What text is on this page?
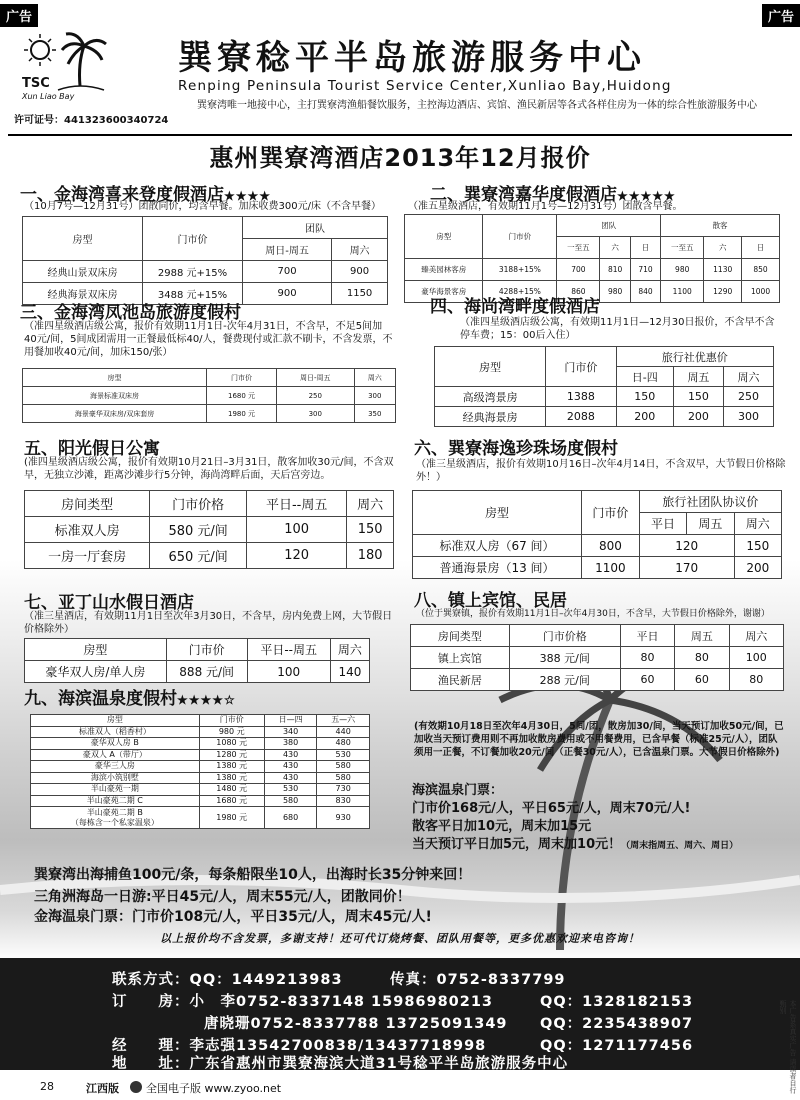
广告	广告
TSC
Xun Liao Bay
巽寮稔平半岛旅游服务中心
Renping Peninsula Tourist Service Center,Xunliao Bay,Huidong
巽寮湾唯一地接中心，主打巽寮湾渔船餐饮服务，主控海边酒店、宾馆、渔民新居等各式各样住房为一体的综合性旅游服务中心
许可证号：441323600340724
惠州巽寮湾酒店2013年12月报价
一、金海湾喜来登度假酒店★★★★
（10月7号—12月31号）团散同价，均含早餐。加床收费300元/床（不含早餐）
房型	门市价	团队	
		周日-周五	周六
经典山景双床房	2988 元+15%	700	900
经典海景双床房	3488 元+15%	900	1150
二、巽寮湾嘉华度假酒店★★★★★
（准五星级酒店，有效期11月1号—12月31号）团散含早餐。
房型	门市价	团队			散客		
		一至五	六	日	一至五	六	日
臻美园林客房	3188+15%	700	810	710	980	1130	850
豪华海景客房	4288+15%	860	980	840	1100	1290	1000
三、金海湾凤池岛旅游度假村
（准四星级酒店级公寓，报价有效期11月1日-次年4月31日，不含早，不足5间加40元/间，5间成团需用一正餐最低标40/人，餐费现付或汇款不刷卡，不含发票，不用餐加收40元/间，加床150/张）
房型	门市价	周日-周五	周六
海景标准双床房	1680 元	250	300
海景豪华双床房/双床套房	1980 元	300	350
四、海尚湾畔度假酒店
（准四星级酒店级公寓，有效期11月1日—12月30日报价，不含早不含停车费；15：00后入住）
房型	门市价	旅行社优惠价		
		日-四	周五	周六
高级湾景房	1388	150	150	250
经典海景房	2088	200	200	300
五、阳光假日公寓
(准四星级酒店级公寓，报价有效期10月21日–3月31日，散客加收30元/间，不含双早，无独立沙滩，距离沙滩步行5分钟，海尚湾畔后面，天后宫旁边。
房间类型	门市价格	平日--周五	周六
标准双人房	580 元/间	100	150
一房一厅套房	650 元/间	120	180
六、巽寮海逸珍珠场度假村
（准三星级酒店，报价有效期10月16日–次年4月14日，不含双早，大节假日价格除外！）
房型	门市价	旅行社团队协议价		
		平日	周五	周六
标准双人房（67 间）	800	120		150
普通海景房（13 间）	1100	170		200
七、亚丁山水假日酒店
（准三星酒店，有效期11月1日至次年3月30日，不含早，房内免费上网，大节假日价格除外）
房型	门市价	平日--周五	周六
豪华双人房/单人房	888 元/间	100	140
八、镇上宾馆、民居
（位于巽寮镇，报价有效期11月1日–次年4月30日，不含早，大节假日价格除外，谢谢）
房间类型	门市价格	平日	周五	周六
镇上宾馆	388 元/间	80	80	100
渔民新居	288 元/间	60	60	80
九、海滨温泉度假村★★★★☆
房型	门市价	日—四	五—六
标准双人（稻香村）	980 元	340	440
豪华双人房 B	1080 元	380	480
豪双人 A（带厅）	1280 元	430	530
豪华三人房	1380 元	430	580
海滨小筑别墅	1380 元	430	580
半山豪苑一期	1480 元	530	730
半山豪苑二期 C	1680 元	580	830

半山豪苑二期 B
（每栋含一个私家温泉）	1980 元	680	930
(有效期10月18日至次年4月30日，5间/团，散房加30/间，当天预订加收50元/间，已加收当天预订费用则不再加收散房费用或不用餐费用，已含早餐（标准25元/人），团队须用一正餐，不订餐加收20元/间（正餐30元/人），已含温泉门票。大节假日价格除外)
海滨温泉门票：
门市价168元/人，平日65元/人，周末70元/人!
散客平日加10元，周末加15元
当天预订平日加5元，周末加10元！（周末指周五、周六、周日）
巽寮湾出海捕鱼100元/条，每条船限坐10人，出海时长35分钟来回！
三角洲海岛一日游:平日45元/人，周末55元/人，团散同价！
金海温泉门票：门市价108元/人，平日35元/人，周末45元/人!
以上报价均不含发票，多谢支持！还可代订烧烤餐、团队用餐等，更多优惠欢迎来电咨询！
联系方式：QQ：1449213983	传真：0752-8337799
订　　房：小　李0752-8337148 15986980213	QQ：1328182153
唐晓珊0752-8337788 13725091349 QQ：2235438907
经　　理：李志强13542700838/13437718998	QQ：1271177456
地　　址：广东省惠州市巽寮海滨大道31号稔平半岛旅游服务中心	本广告系真实广告 请读者自行甄别
28	江西版 全国电子版 www.zyoo.net
